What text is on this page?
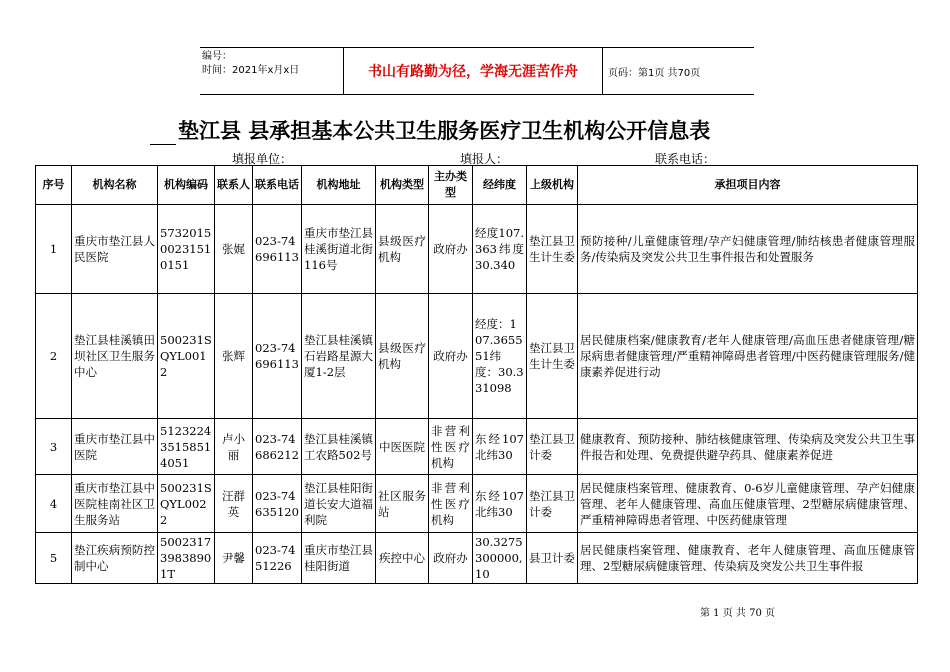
编号：
时间：2021年x月x日	书山有路勤为径，学海无涯苦作舟	页码：第1页 共70页
垫江县 县承担基本公共卫生服务医疗卫生机构公开信息表
填报单位：	填报人：	联系电话：
序号	机构名称	机构编码	联系人	联系电话	机构地址	机构类型	主办类型	经纬度	上级机构	承担项目内容
1	重庆市垫江县人民医院	573201500231510151	张娓	023-74696113	重庆市垫江县桂溪街道北街116号	县级医疗机构	政府办	经度107.363纬度30.340	垫江县卫生计生委	预防接种/儿童健康管理/孕产妇健康管理/肺结核患者健康管理服务/传染病及突发公共卫生事件报告和处置服务
2	垫江县桂溪镇田坝社区卫生服务中心	500231SQYL0012	张辉	023-74696113	垫江县桂溪镇石岩路星源大厦1-2层	县级医疗机构	政府办	经度：107.365551纬度：30.331098	垫江县卫生计生委	居民健康档案/健康教育/老年人健康管理/高血压患者健康管理/糖尿病患者健康管理/严重精神障碍患者管理/中医药健康管理服务/健康素养促进行动
3	重庆市垫江县中医院	512322435158514051	卢小丽	023-74686212	垫江县桂溪镇工农路502号	中医医院	非营利性医疗机构	东经107北纬30	垫江县卫计委	健康教育、预防接种、肺结核健康管理、传染病及突发公共卫生事件报告和处理、免费提供避孕药具、健康素养促进
4	重庆市垫江县中医院桂南社区卫生服务站	500231SQYL0022	汪群英	023-74635120	垫江县桂阳街道长安大道福利院	社区服务站	非营利性医疗机构	东经107北纬30	垫江县卫计委	居民健康档案管理、健康教育、0-6岁儿童健康管理、孕产妇健康管理、老年人健康管理、高血压健康管理、2型糖尿病健康管理、严重精神障碍患者管理、中医药健康管理
5	垫江疾病预防控制中心	500231739838901T	尹馨	023-7451226	重庆市垫江县桂阳街道	疾控中心	政府办	30.3275300000,10	县卫计委	居民健康档案管理、健康教育、老年人健康管理、高血压健康管理、2型糖尿病健康管理、传染病及突发公共卫生事件报
第 1 页 共 70 页
